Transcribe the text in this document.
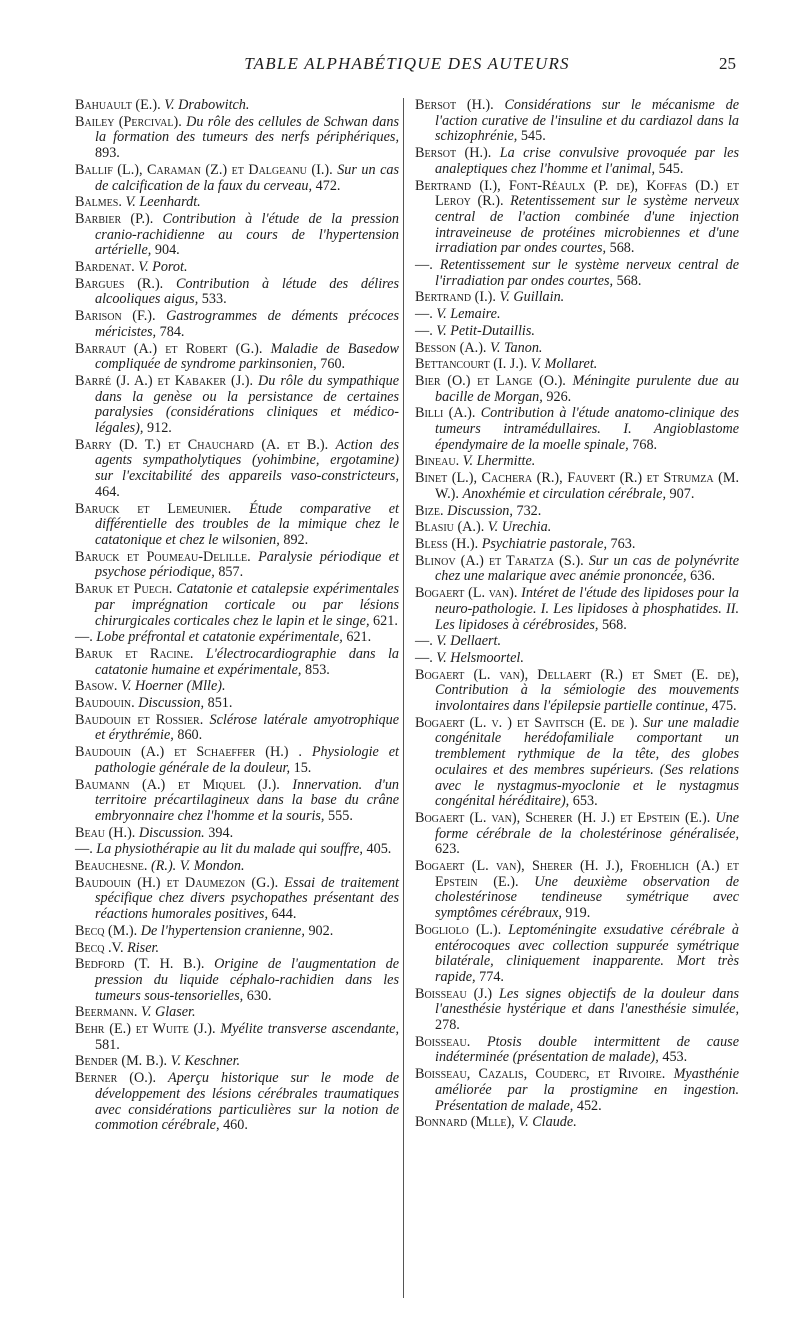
TABLE ALPHABÉTIQUE DES AUTEURS	25

Bahuault (E.). V. Drabowitch.

Bailey (Percival). Du rôle des cellules de Schwan dans la formation des tumeurs des nerfs périphériques, 893.

Ballif (L.), Caraman (Z.) et Dalgeanu (I.). Sur un cas de calcification de la faux du cerveau, 472.

Balmes. V. Leenhardt.

Barbier (P.). Contribution à l'étude de la pression cranio-rachidienne au cours de l'hypertension artérielle, 904.

Bardenat. V. Porot.

Bargues (R.). Contribution à létude des délires alcooliques aigus, 533.

Barison (F.). Gastrogrammes de déments précoces méricistes, 784.

Barraut (A.) et Robert (G.). Maladie de Basedow compliquée de syndrome parkinsonien, 760.

Barré (J. A.) et Kabaker (J.). Du rôle du sympathique dans la genèse ou la persistance de certaines paralysies (considérations cliniques et médico-légales), 912.

Barry (D. T.) et Chauchard (A. et B.). Action des agents sympatholytiques (yohimbine, ergotamine) sur l'excitabilité des appareils vaso-constricteurs, 464.

Baruck et Lemeunier. Étude comparative et différentielle des troubles de la mimique chez le catatonique et chez le wilsonien, 892.

Baruck et Poumeau-Delille. Paralysie périodique et psychose périodique, 857.

Baruk et Puech. Catatonie et catalepsie expérimentales par imprégnation corticale ou par lésions chirurgicales corticales chez le lapin et le singe, 621.

—. Lobe préfrontal et catatonie expérimentale, 621.

Baruk et Racine. L'électrocardiographie dans la catatonie humaine et expérimentale, 853.

Basow. V. Hoerner (Mlle).

Baudouin. Discussion, 851.

Baudouin et Rossier. Sclérose latérale amyotrophique et érythrémie, 860.

Baudouin (A.) et Schaeffer (H.) . Physiologie et pathologie générale de la douleur, 15.

Baumann (A.) et Miquel (J.). Innervation. d'un territoire précartilagineux dans la base du crâne embryonnaire chez l'homme et la souris, 555.

Beau (H.). Discussion. 394.

—. La physiothérapie au lit du malade qui souffre, 405.

Beauchesne. (R.). V. Mondon.

Baudouin (H.) et Daumezon (G.). Essai de traitement spécifique chez divers psychopathes présentant des réactions humorales positives, 644.

Becq (M.). De l'hypertension cranienne, 902.

Becq .V. Riser.

Bedford (T. H. B.). Origine de l'augmentation de pression du liquide céphalo-rachidien dans les tumeurs sous-tensorielles, 630.

Beermann. V. Glaser.

Behr (E.) et Wuite (J.). Myélite transverse ascendante, 581.

Bender (M. B.). V. Keschner.

Berner (O.). Aperçu historique sur le mode de développement des lésions cérébrales traumatiques avec considérations particulières sur la notion de commotion cérébrale, 460.

Bersot (H.). Considérations sur le mécanisme de l'action curative de l'insuline et du cardiazol dans la schizophrénie, 545.

Bersot (H.). La crise convulsive provoquée par les analeptiques chez l'homme et l'animal, 545.

Bertrand (I.), Font-Réaulx (P. de), Koffas (D.) et Leroy (R.). Retentissement sur le système nerveux central de l'action combinée d'une injection intraveineuse de protéines microbiennes et d'une irradiation par ondes courtes, 568.

—. Retentissement sur le système nerveux central de l'irradiation par ondes courtes, 568.

Bertrand (I.). V. Guillain.

—. V. Lemaire.

—. V. Petit-Dutaillis.

Besson (A.). V. Tanon.

Bettancourt (I. J.). V. Mollaret.

Bier (O.) et Lange (O.). Méningite purulente due au bacille de Morgan, 926.

Billi (A.). Contribution à l'étude anatomo-clinique des tumeurs intramédullaires. I. Angioblastome épendymaire de la moelle spinale, 768.

Bineau. V. Lhermitte.

Binet (L.), Cachera (R.), Fauvert (R.) et Strumza (M. W.). Anoxhémie et circulation cérébrale, 907.

Bize. Discussion, 732.

Blasiu (A.). V. Urechia.

Bless (H.). Psychiatrie pastorale, 763.

Blinov (A.) et Taratza (S.). Sur un cas de polynévrite chez une malarique avec anémie prononcée, 636.

Bogaert (L. van). Intéret de l'étude des lipidoses pour la neuro-pathologie. I. Les lipidoses à phosphatides. II. Les lipidoses à cérébrosides, 568.

—. V. Dellaert.

—. V. Helsmoortel.

Bogaert (L. van), Dellaert (R.) et Smet (E. de), Contribution à la sémiologie des mouvements involontaires dans l'épilepsie partielle continue, 475.

Bogaert (L. v. ) et Savitsch (E. de ). Sur une maladie congénitale herédofamiliale comportant un tremblement rythmique de la tête, des globes oculaires et des membres supérieurs. (Ses relations avec le nystagmus-myoclonie et le nystagmus congénital héréditaire), 653.

Bogaert (L. van), Scherer (H. J.) et Epstein (E.). Une forme cérébrale de la cholestérinose généralisée, 623.

Bogaert (L. van), Sherer (H. J.), Froehlich (A.) et Epstein (E.). Une deuxième observation de cholestérinose tendineuse symétrique avec symptômes cérébraux, 919.

Bogliolo (L.). Leptoméningite exsudative cérébrale à entérocoques avec collection suppurée symétrique bilatérale, cliniquement inapparente. Mort très rapide, 774.

Boisseau (J.) Les signes objectifs de la douleur dans l'anesthésie hystérique et dans l'anesthésie simulée, 278.

Boisseau. Ptosis double intermittent de cause indéterminée (présentation de malade), 453.

Boisseau, Cazalis, Couderc, et Rivoire. Myasthénie améliorée par la prostigmine en ingestion. Présentation de malade, 452.

Bonnard (Mlle), V. Claude.
